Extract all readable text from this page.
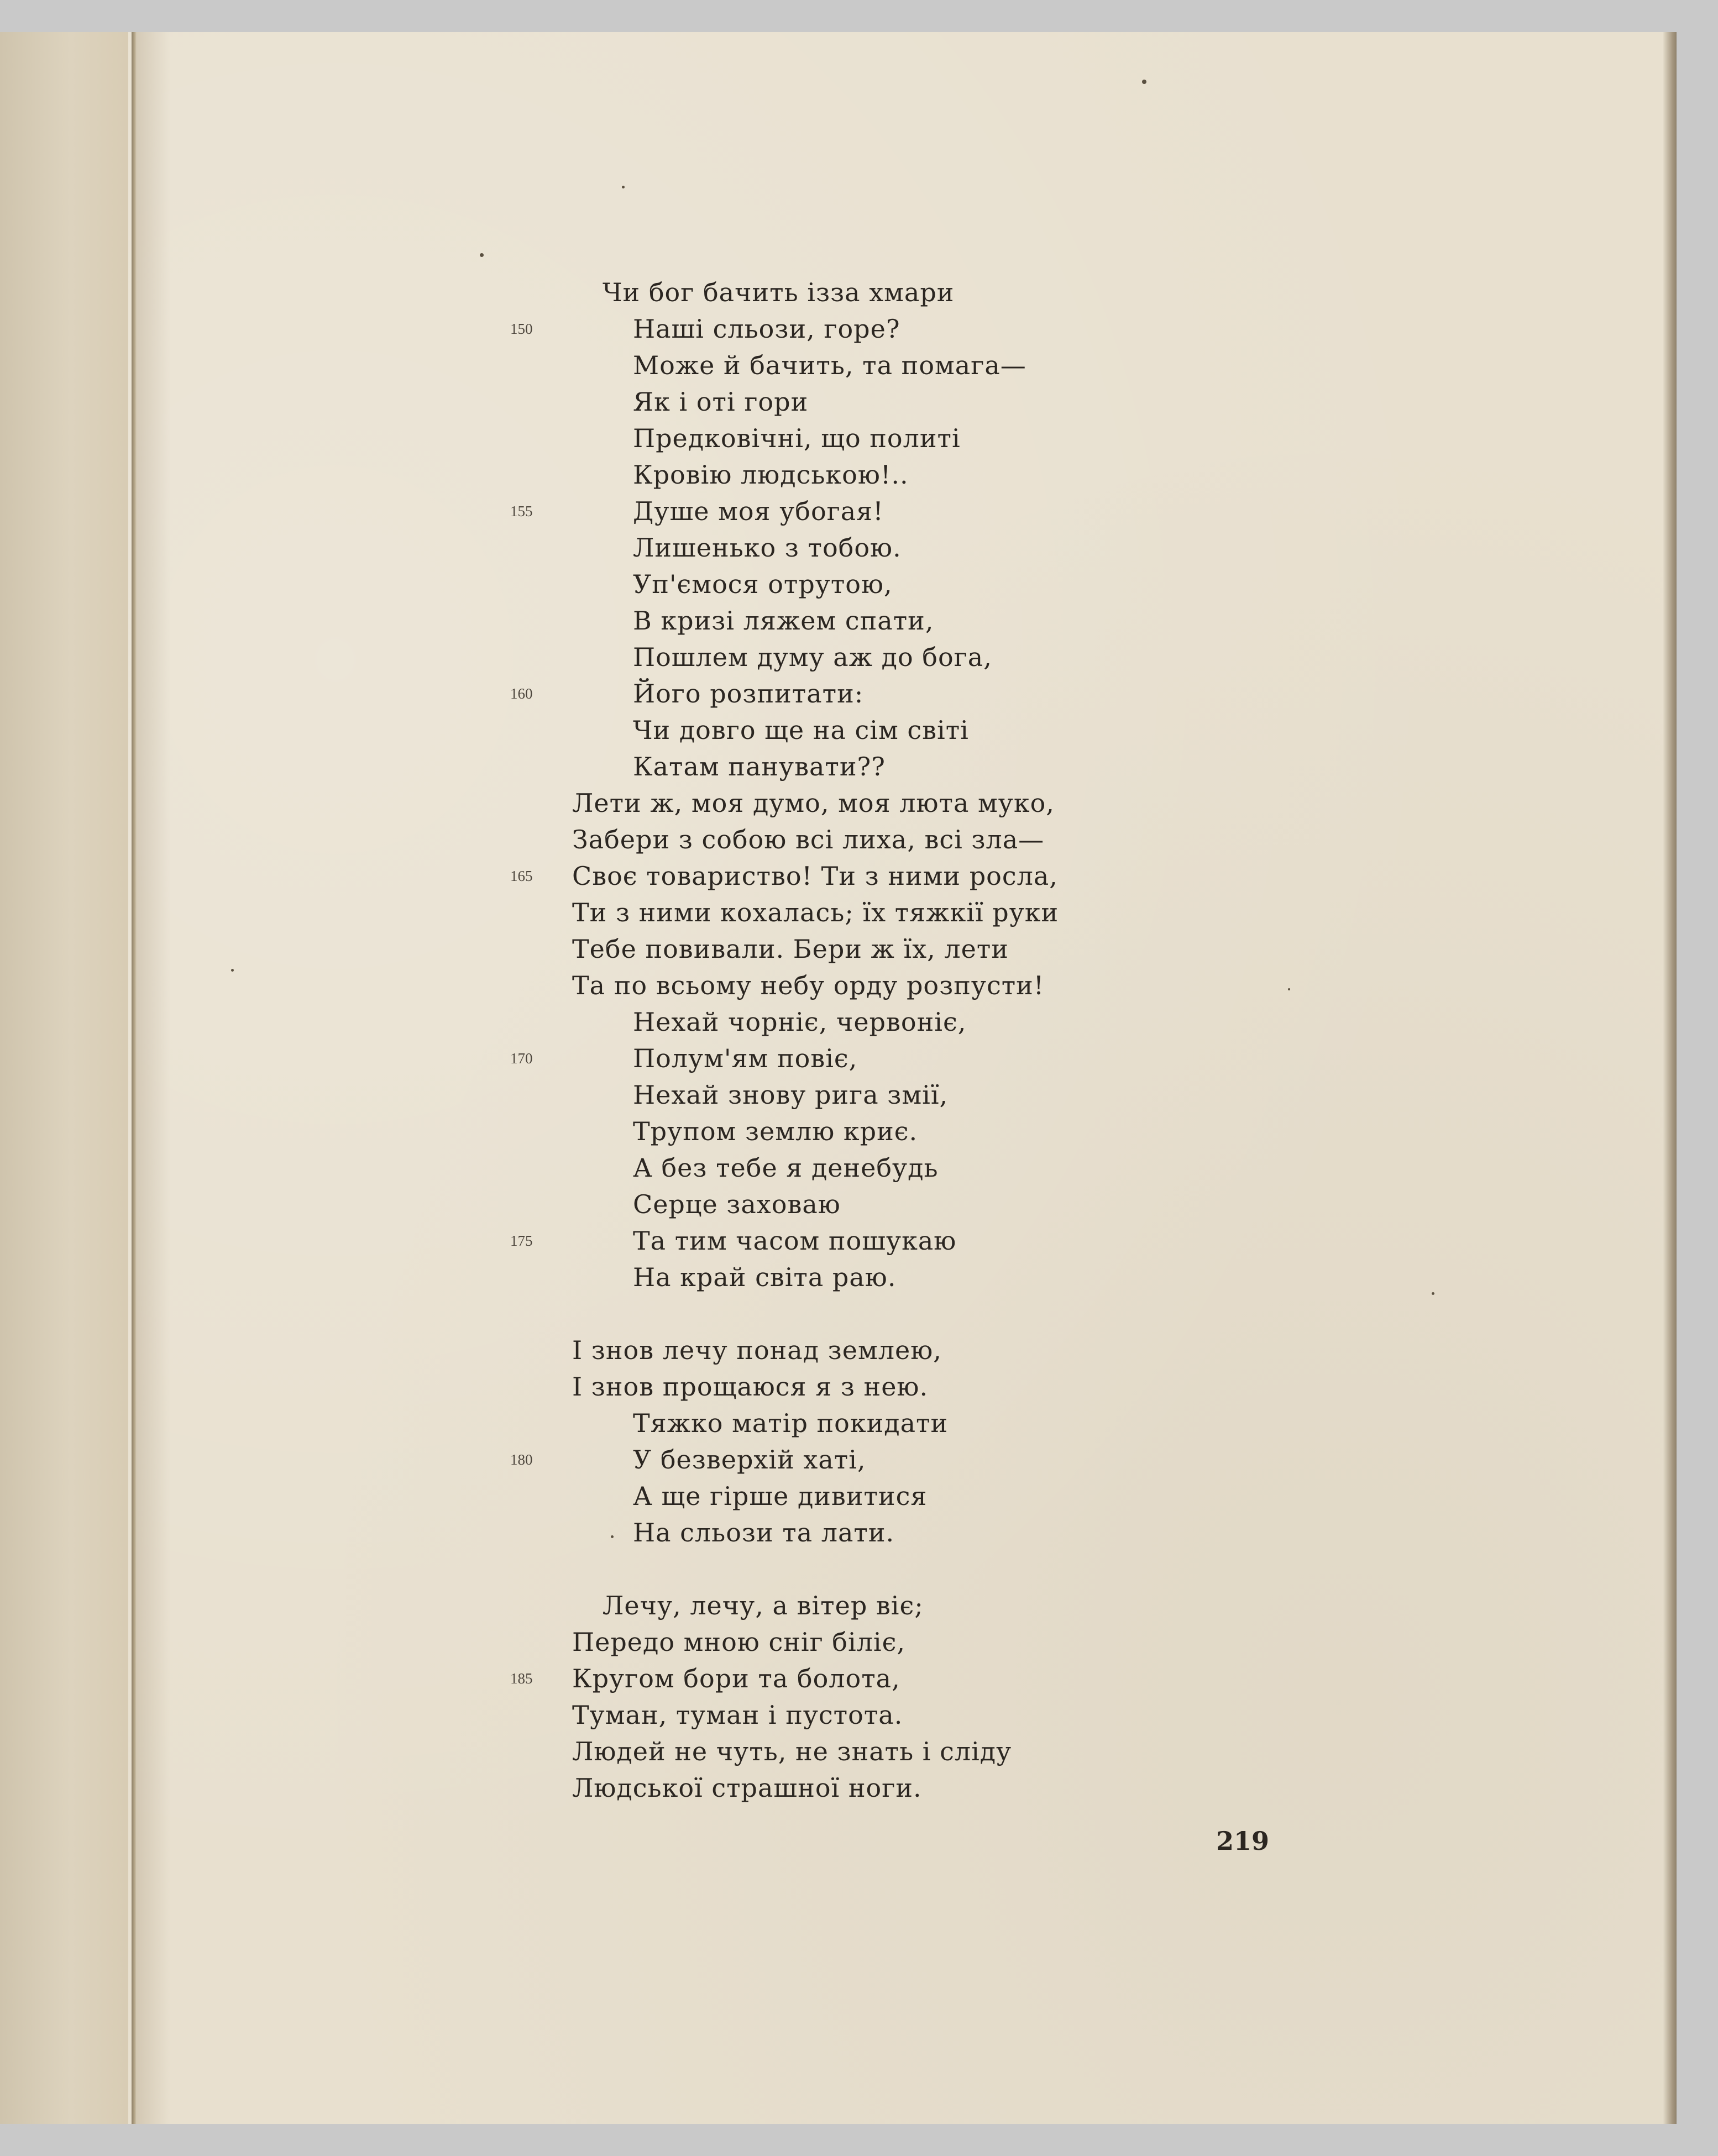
Чи бог бачить ізза хмари
150	Наші сльози, горе?
Може й бачить, та помага—
Як і оті гори
Предковічні, що политі
Кровію людською!..
155	Душе моя убогая!
Лишенько з тобою.
Уп'ємося отрутою,
В кризі ляжем спати,
Пошлем думу аж до бога,
160	Його розпитати:
Чи довго ще на сім світі
Катам панувати??
Лети ж, моя думо, моя люта муко,
Забери з собою всі лиха, всі зла—
165 Своє товариство! Ти з ними росла,
Ти з ними кохалась; їх тяжкії руки
Тебе повивали. Бери ж їх, лети
Та по всьому небу орду розпусти!
Нехай чорніє, червоніє,
170	Полум'ям повіє,
Нехай знову рига змії,
Трупом землю криє.
А без тебе я денебудь
Серце заховаю
175	Та тим часом пошукаю
На край світа раю.
І знов лечу понад землею,
І знов прощаюся я з нею.
Тяжко матір покидати
180	У безверхій хаті,
А ще гірше дивитися
На сльози та лати.
Лечу, лечу, а вітер віє;
Передо мною сніг біліє,
185 Кругом бори та болота,
Туман, туман і пустота.
Людей не чуть, не знать і сліду
Людської страшної ноги.
219
